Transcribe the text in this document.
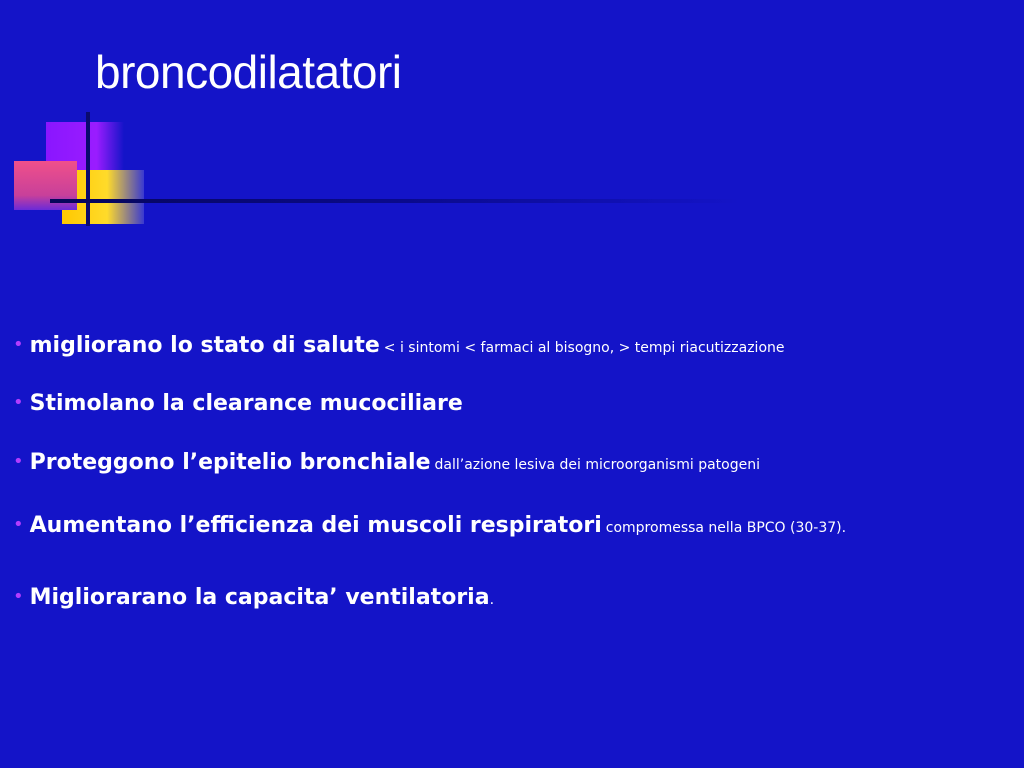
broncodilatatori
• migliorano lo stato di salute < i sintomi < farmaci al bisogno, > tempi riacutizzazione
• Stimolano la clearance mucociliare
• Proteggono l’epitelio bronchiale dall’azione lesiva dei microorganismi patogeni
• Aumentano l’efficienza dei muscoli respiratori compromessa nella BPCO (30-37).
• Migliorarano la capacita’ ventilatoria.
